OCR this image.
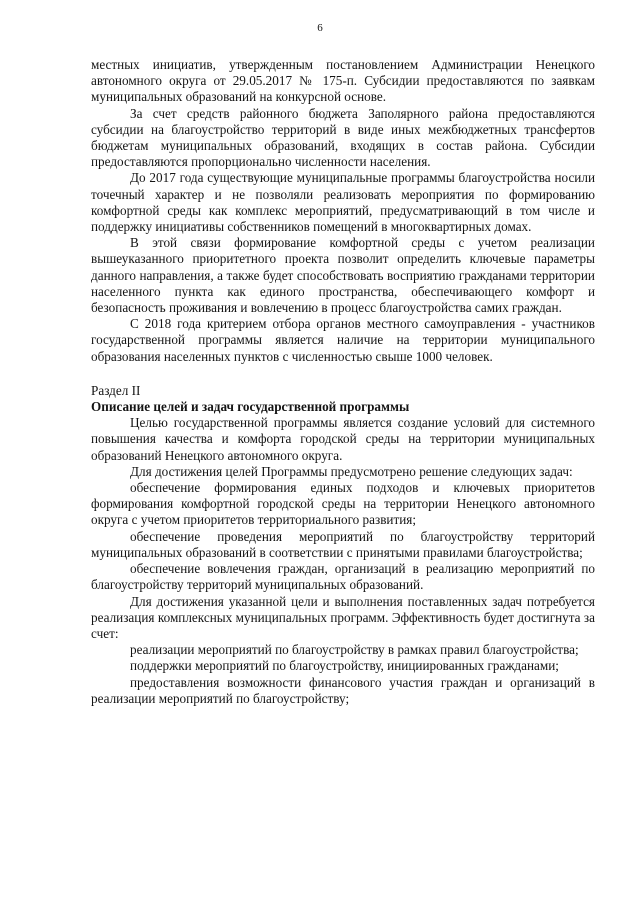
6

местных инициатив, утвержденным постановлением Администрации Ненецкого автономного округа от 29.05.2017 № 175-п. Субсидии предоставляются по заявкам муниципальных образований на конкурсной основе.

За счет средств районного бюджета Заполярного района предоставляются субсидии на благоустройство территорий в виде иных межбюджетных трансфертов бюджетам муниципальных образований, входящих в состав района. Субсидии предоставляются пропорционально численности населения.

До 2017 года существующие муниципальные программы благоустройства носили точечный характер и не позволяли реализовать мероприятия по формированию комфортной среды как комплекс мероприятий, предусматривающий в том числе и поддержку инициативы собственников помещений в многоквартирных домах.

В этой связи формирование комфортной среды с учетом реализации вышеуказанного приоритетного проекта позволит определить ключевые параметры данного направления, а также будет способствовать восприятию гражданами территории населенного пункта как единого пространства, обеспечивающего комфорт и безопасность проживания и вовлечению в процесс благоустройства самих граждан.

С 2018 года критерием отбора органов местного самоуправления - участников государственной программы является наличие на территории муниципального образования населенных пунктов с численностью свыше 1000 человек.

Раздел II

Описание целей и задач государственной программы

Целью государственной программы является создание условий для системного повышения качества и комфорта городской среды на территории муниципальных образований Ненецкого автономного округа.

Для достижения целей Программы предусмотрено решение следующих задач:

обеспечение формирования единых подходов и ключевых приоритетов формирования комфортной городской среды на территории Ненецкого автономного округа с учетом приоритетов территориального развития;

обеспечение проведения мероприятий по благоустройству территорий муниципальных образований в соответствии с принятыми правилами благоустройства;

обеспечение вовлечения граждан, организаций в реализацию мероприятий по благоустройству территорий муниципальных образований.

Для достижения указанной цели и выполнения поставленных задач потребуется реализация комплексных муниципальных программ. Эффективность будет достигнута за счет:

реализации мероприятий по благоустройству в рамках правил благоустройства;

поддержки мероприятий по благоустройству, инициированных гражданами;

предоставления возможности финансового участия граждан и организаций в реализации мероприятий по благоустройству;
